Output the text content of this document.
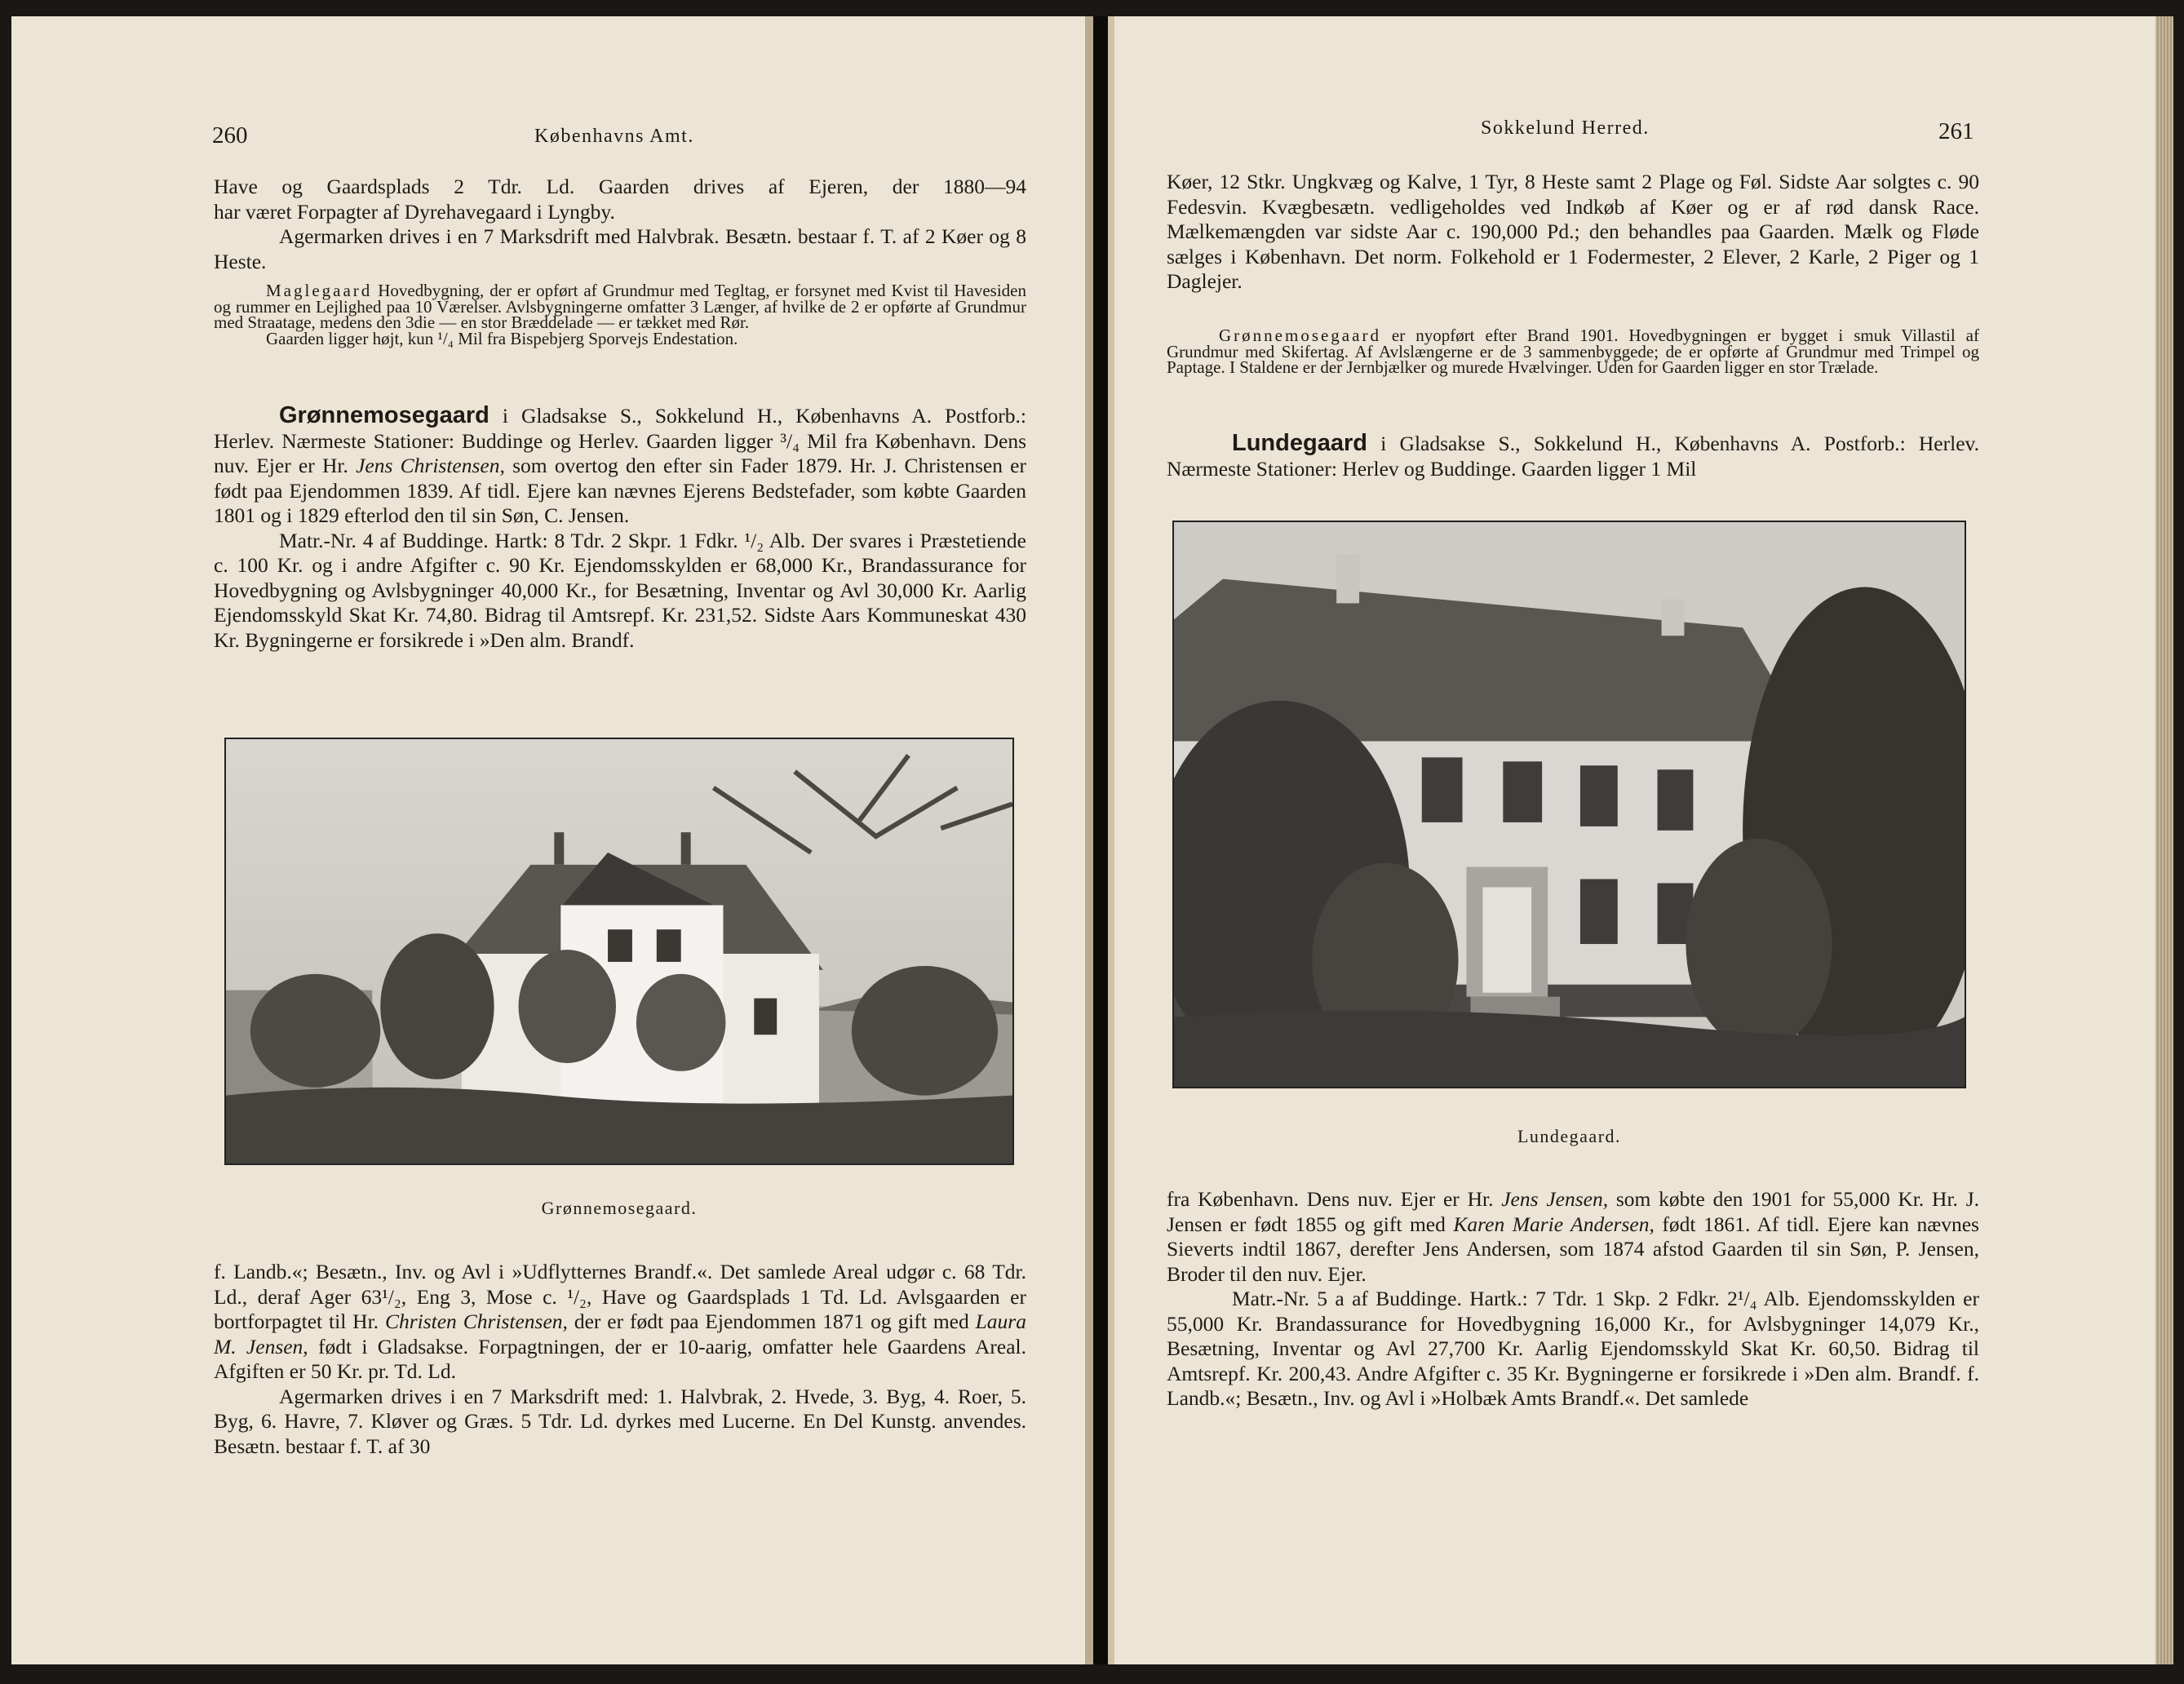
260	Københavns Amt.

Have og Gaardsplads 2 Tdr. Ld. Gaarden drives af Ejeren, der 1880—94

har været Forpagter af Dyrehavegaard i Lyngby.

Agermarken drives i en 7 Marksdrift med Halvbrak. Besætn. bestaar f. T. af 2 Køer og 8 Heste.

Maglegaard Hovedbygning, der er opført af Grundmur med Tegltag, er forsynet med Kvist til Havesiden og rummer en Lejlighed paa 10 Værelser. Avlsbygningerne omfatter 3 Længer, af hvilke de 2 er opførte af Grundmur med Straatage, medens den 3die — en stor Bræddelade — er tækket med Rør.

Gaarden ligger højt, kun ¹/₄ Mil fra Bispebjerg Sporvejs Endestation.

Grønnemosegaard i Gladsakse S., Sokkelund H., Københavns A. Postforb.: Herlev. Nærmeste Stationer: Buddinge og Herlev. Gaarden ligger ³/₄ Mil fra København. Dens nuv. Ejer er Hr. Jens Christensen, som overtog den efter sin Fader 1879. Hr. J. Christensen er født paa Ejendommen 1839. Af tidl. Ejere kan nævnes Ejerens Bedstefader, som købte Gaarden 1801 og i 1829 efterlod den til sin Søn, C. Jensen.

Matr.-Nr. 4 af Buddinge. Hartk: 8 Tdr. 2 Skpr. 1 Fdkr. ¹/₂ Alb. Der svares i Præstetiende c. 100 Kr. og i andre Afgifter c. 90 Kr. Ejendomsskylden er 68,000 Kr., Brandassurance for Hovedbygning og Avlsbygninger 40,000 Kr., for Besætning, Inventar og Avl 30,000 Kr. Aarlig Ejendomsskyld Skat Kr. 74,80. Bidrag til Amtsrepf. Kr. 231,52. Sidste Aars Kommuneskat 430 Kr. Bygningerne er forsikrede i »Den alm. Brandf.

Grønnemosegaard.

f. Landb.«; Besætn., Inv. og Avl i »Udflytternes Brandf.«. Det samlede Areal udgør c. 68 Tdr. Ld., deraf Ager 63¹/₂, Eng 3, Mose c. ¹/₂, Have og Gaardsplads 1 Td. Ld. Avlsgaarden er bortforpagtet til Hr. Christen Christensen, der er født paa Ejendommen 1871 og gift med Laura M. Jensen, født i Gladsakse. Forpagtningen, der er 10-aarig, omfatter hele Gaardens Areal. Afgiften er 50 Kr. pr. Td. Ld.

Agermarken drives i en 7 Marksdrift med: 1. Halvbrak, 2. Hvede, 3. Byg, 4. Roer, 5. Byg, 6. Havre, 7. Kløver og Græs. 5 Tdr. Ld. dyrkes med Lucerne. En Del Kunstg. anvendes. Besætn. bestaar f. T. af 30

Sokkelund Herred.	261

Køer, 12 Stkr. Ungkvæg og Kalve, 1 Tyr, 8 Heste samt 2 Plage og Føl. Sidste Aar solgtes c. 90 Fedesvin. Kvægbesætn. vedligeholdes ved Indkøb af Køer og er af rød dansk Race. Mælkemængden var sidste Aar c. 190,000 Pd.; den behandles paa Gaarden. Mælk og Fløde sælges i København. Det norm. Folkehold er 1 Fodermester, 2 Elever, 2 Karle, 2 Piger og 1 Daglejer.

Grønnemosegaard er nyopført efter Brand 1901. Hovedbygningen er bygget i smuk Villastil af Grundmur med Skifertag. Af Avlslængerne er de 3 sammenbyggede; de er opførte af Grundmur med Trimpel og Paptage. I Staldene er der Jernbjælker og murede Hvælvinger. Uden for Gaarden ligger en stor Trælade.

Lundegaard i Gladsakse S., Sokkelund H., Københavns A. Postforb.: Herlev. Nærmeste Stationer: Herlev og Buddinge. Gaarden ligger 1 Mil

Lundegaard.

fra København. Dens nuv. Ejer er Hr. Jens Jensen, som købte den 1901 for 55,000 Kr. Hr. J. Jensen er født 1855 og gift med Karen Marie Andersen, født 1861. Af tidl. Ejere kan nævnes Sieverts indtil 1867, derefter Jens Andersen, som 1874 afstod Gaarden til sin Søn, P. Jensen, Broder til den nuv. Ejer.

Matr.-Nr. 5 a af Buddinge. Hartk.: 7 Tdr. 1 Skp. 2 Fdkr. 2¹/₄ Alb. Ejendomsskylden er 55,000 Kr. Brandassurance for Hovedbygning 16,000 Kr., for Avlsbygninger 14,079 Kr., Besætning, Inventar og Avl 27,700 Kr. Aarlig Ejendomsskyld Skat Kr. 60,50. Bidrag til Amtsrepf. Kr. 200,43. Andre Afgifter c. 35 Kr. Bygningerne er forsikrede i »Den alm. Brandf. f. Landb.«; Besætn., Inv. og Avl i »Holbæk Amts Brandf.«. Det samlede
